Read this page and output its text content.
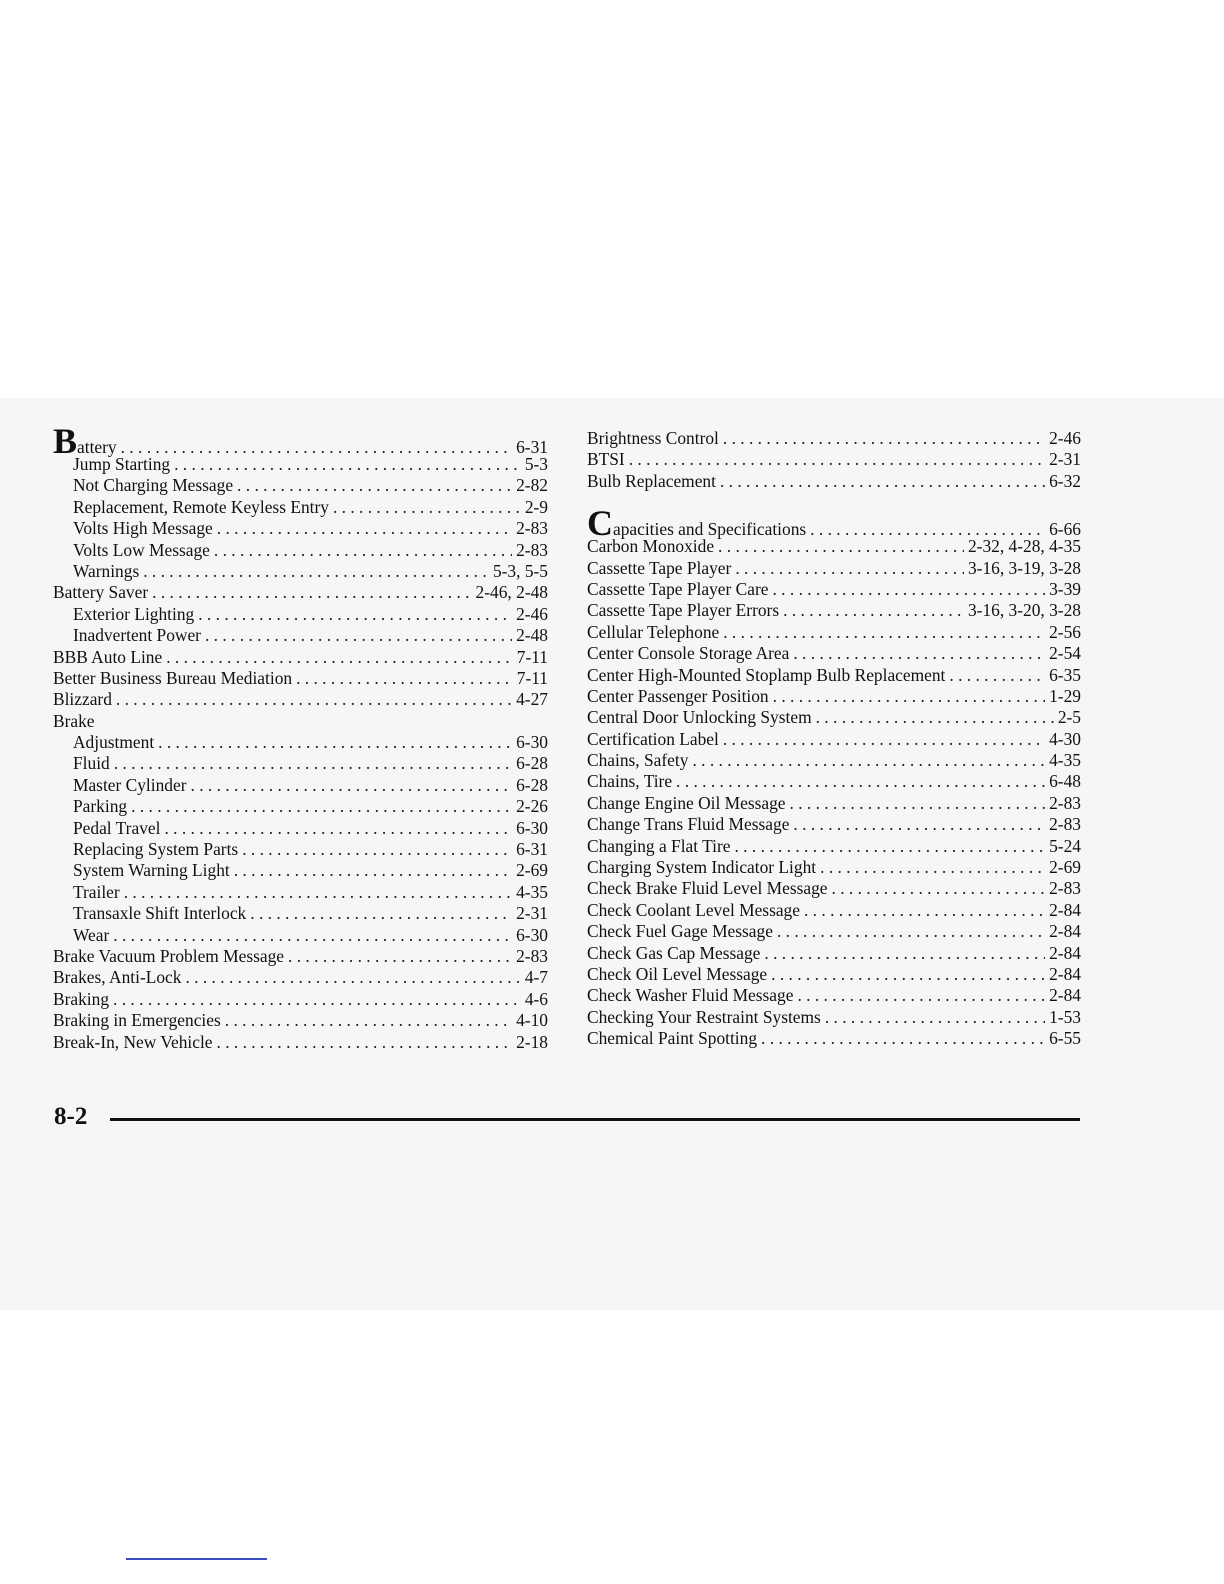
Battery . . .	6-31
Jump Starting . . .	5-3
Not Charging Message . . .	2-82
Replacement, Remote Keyless Entry . . .	2-9
Volts High Message . . .	2-83
Volts Low Message . . .	2-83
Warnings . . .	5-3, 5-5
Battery Saver . . .	2-46, 2-48
Exterior Lighting . . .	2-46
Inadvertent Power . . .	2-48
BBB Auto Line . . .	7-11
Better Business Bureau Mediation . . .	7-11
Blizzard . . .	4-27
Brake
Adjustment . . .	6-30
Fluid . . .	6-28
Master Cylinder . . .	6-28
Parking . . .	2-26
Pedal Travel . . .	6-30
Replacing System Parts . . .	6-31
System Warning Light . . .	2-69
Trailer . . .	4-35
Transaxle Shift Interlock . . .	2-31
Wear . . .	6-30
Brake Vacuum Problem Message . . .	2-83
Brakes, Anti-Lock . . .	4-7
Braking . . .	4-6
Braking in Emergencies . . .	4-10
Break-In, New Vehicle . . .	2-18
Brightness Control . . .	2-46
BTSI . . .	2-31
Bulb Replacement . . .	6-32
Capacities and Specifications . . .	6-66
Carbon Monoxide . . .	2-32, 4-28, 4-35
Cassette Tape Player . . .	3-16, 3-19, 3-28
Cassette Tape Player Care . . .	3-39
Cassette Tape Player Errors . . .	3-16, 3-20, 3-28
Cellular Telephone . . .	2-56
Center Console Storage Area . . .	2-54
Center High-Mounted Stoplamp Bulb Replacement . . .	6-35
Center Passenger Position . . .	1-29
Central Door Unlocking System . . .	2-5
Certification Label . . .	4-30
Chains, Safety . . .	4-35
Chains, Tire . . .	6-48
Change Engine Oil Message . . .	2-83
Change Trans Fluid Message . . .	2-83
Changing a Flat Tire . . .	5-24
Charging System Indicator Light . . .	2-69
Check Brake Fluid Level Message . . .	2-83
Check Coolant Level Message . . .	2-84
Check Fuel Gage Message . . .	2-84
Check Gas Cap Message . . .	2-84
Check Oil Level Message . . .	2-84
Check Washer Fluid Message . . .	2-84
Checking Your Restraint Systems . . .	1-53
Chemical Paint Spotting . . .	6-55
8-2
